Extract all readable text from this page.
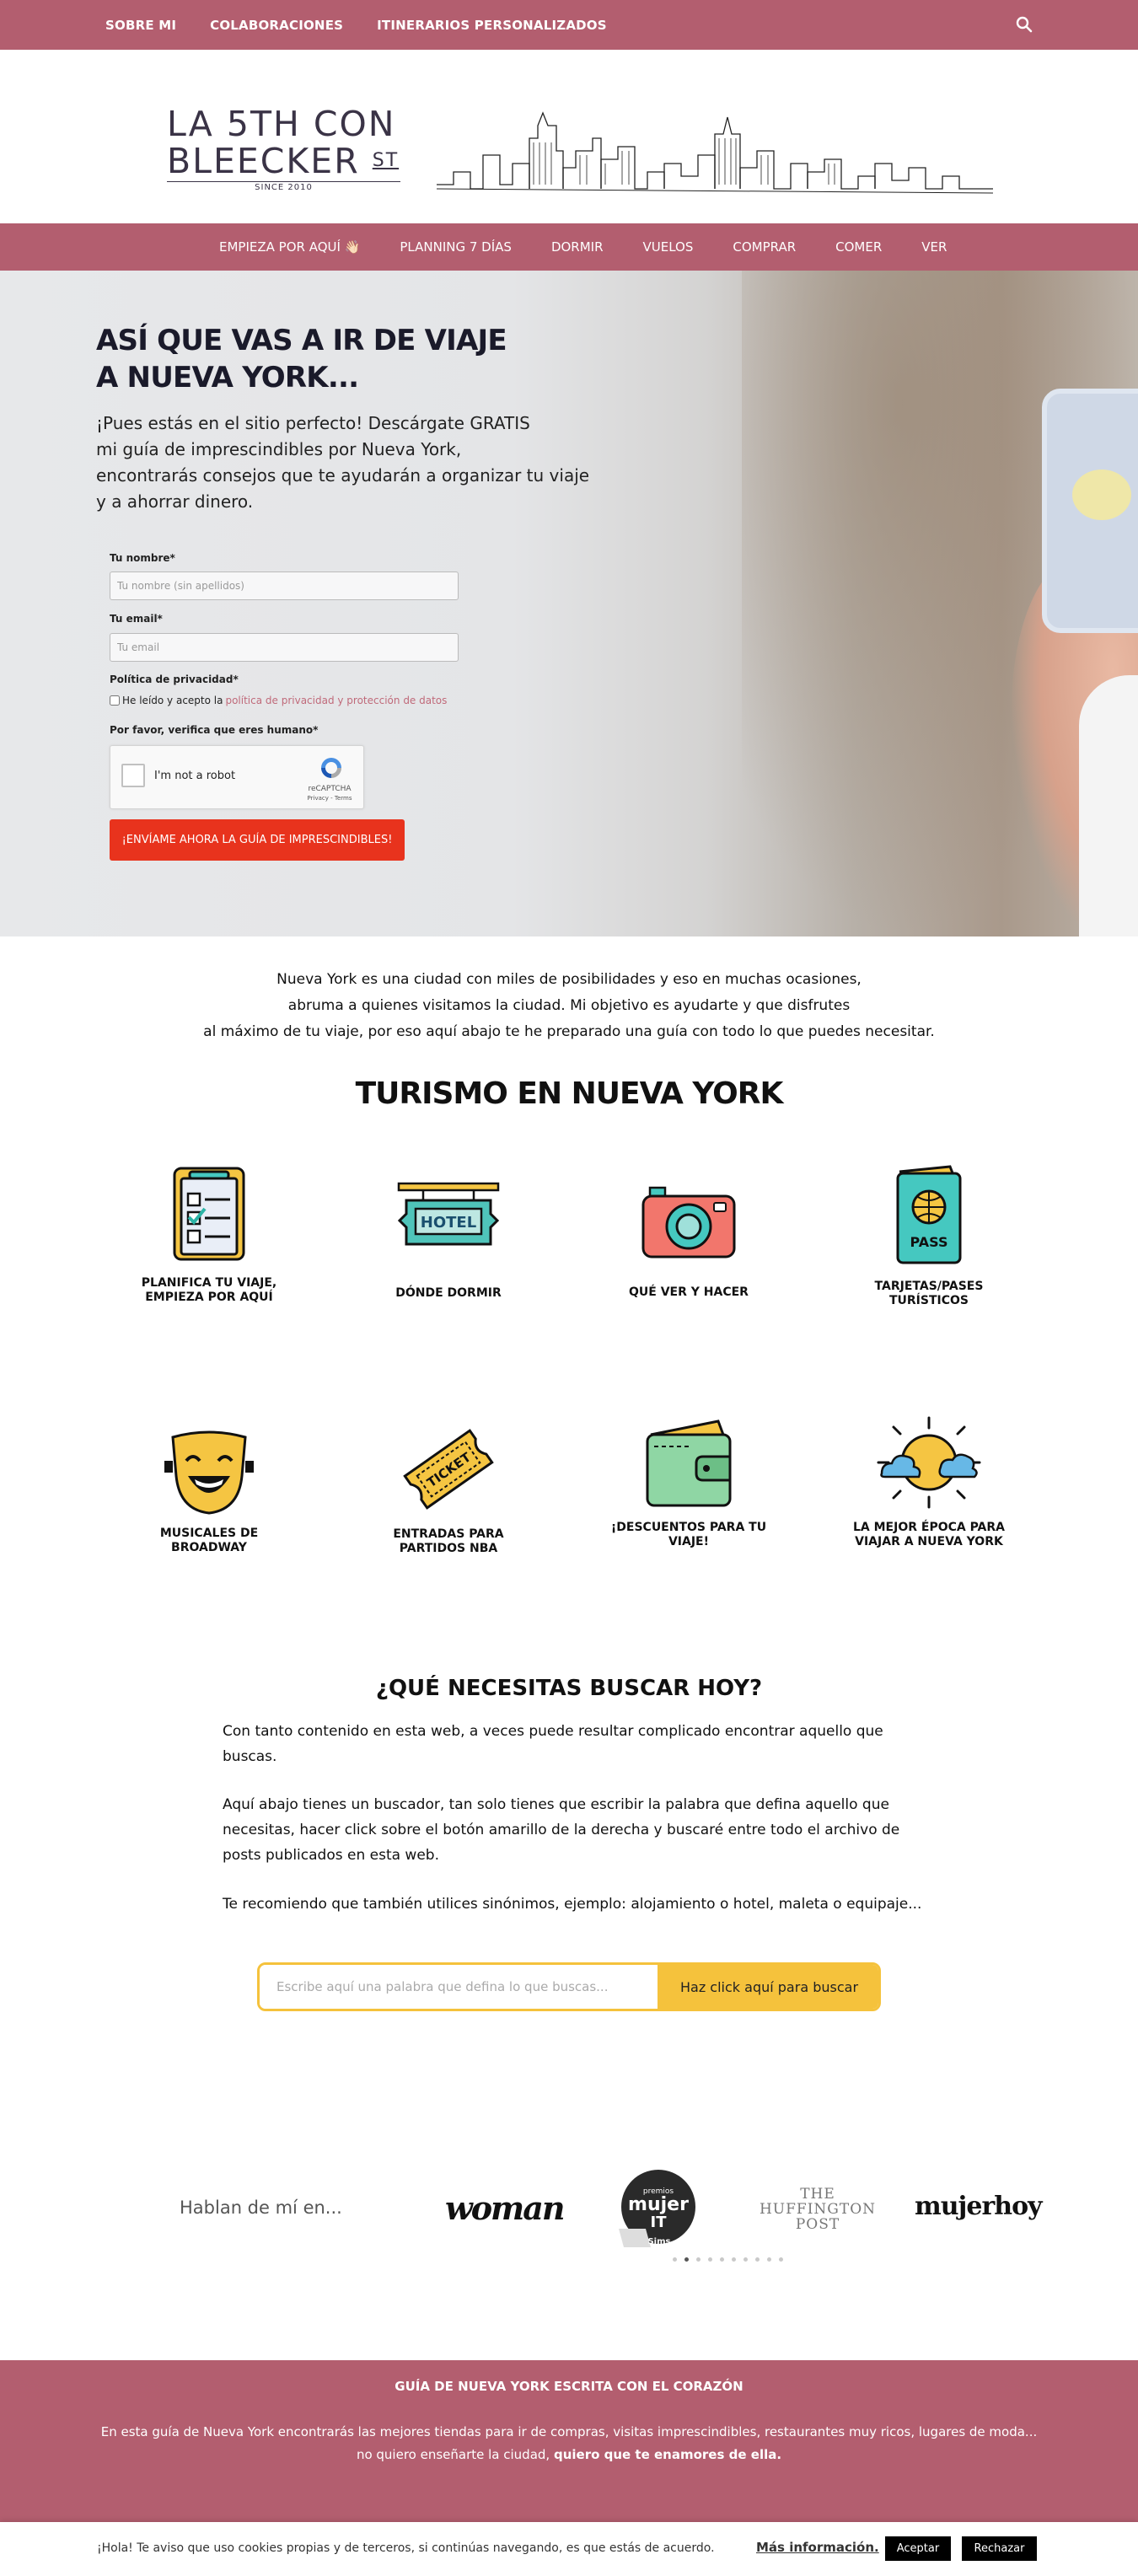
SOBRE MI	COLABORACIONES	ITINERARIOS PERSONALIZADOS
LA 5TH CON
BLEECKER $^{ST}$
SINCE 2010
EMPIEZA POR AQUÍ 👋🏻	PLANNING 7 DÍAS	DORMIR	VUELOS	COMPRAR	COMER	VER
ASÍ QUE VAS A IR DE VIAJE
A NUEVA YORK...

¡Pues estás en el sitio perfecto! Descárgate GRATIS
mi guía de imprescindibles por Nueva York,
encontrarás consejos que te ayudarán a organizar tu viaje
y a ahorrar dinero.

Tu nombre*
Tu nombre (sin apellidos)
Tu email*
Tu email
Política de privacidad*
He leído y acepto la política de privacidad y protección de datos
Por favor, verifica que eres humano*
I'm not a robot
reCAPTCHA
Privacy - Terms
¡ENVÍAME AHORA LA GUÍA DE IMPRESCINDIBLES!

Nueva York es una ciudad con miles de posibilidades y eso en muchas ocasiones,
abruma a quienes visitamos la ciudad. Mi objetivo es ayudarte y que disfrutes
al máximo de tu viaje, por eso aquí abajo te he preparado una guía con todo lo que puedes necesitar.

TURISMO EN NUEVA YORK
PLANIFICA TU VIAJE,
EMPIEZA POR AQUÍ
HOTEL
DÓNDE DORMIR	QUÉ VER Y HACER
PASS
TARJETAS/PASES
TURÍSTICOS
MUSICALES DE BROADWAY
TICKET
ENTRADAS PARA
PARTIDOS NBA
¡DESCUENTOS PARA TU
VIAJE!
LA MEJOR ÉPOCA PARA
VIAJAR A NUEVA YORK
¿QUÉ NECESITAS BUSCAR HOY?

Con tanto contenido en esta web, a veces puede resultar complicado encontrar aquello que buscas.

Aquí abajo tienes un buscador, tan solo tienes que escribir la palabra que defina aquello que necesitas, hacer click sobre el botón amarillo de la derecha y buscaré entre todo el archivo de posts publicados en esta web.

Te recomiendo que también utilices sinónimos, ejemplo: alojamiento o hotel, maleta o equipaje...

Escribe aquí una palabra que defina lo que buscas...
Haz click aquí para buscar
Hablan de mí en...	woman	premios
mujer
IT
Sims
THE
HUFFINGTON
POST
mujerhoy
GUÍA DE NUEVA YORK ESCRITA CON EL CORAZÓN
En esta guía de Nueva York encontrarás las mejores tiendas para ir de compras, visitas imprescindibles, restaurantes muy ricos, lugares de moda...
no quiero enseñarte la ciudad, quiero que te enamores de ella.
¡Hola! Te aviso que uso cookies propias y de terceros, si continúas navegando, es que estás de acuerdo.	Más información.	Aceptar	Rechazar
